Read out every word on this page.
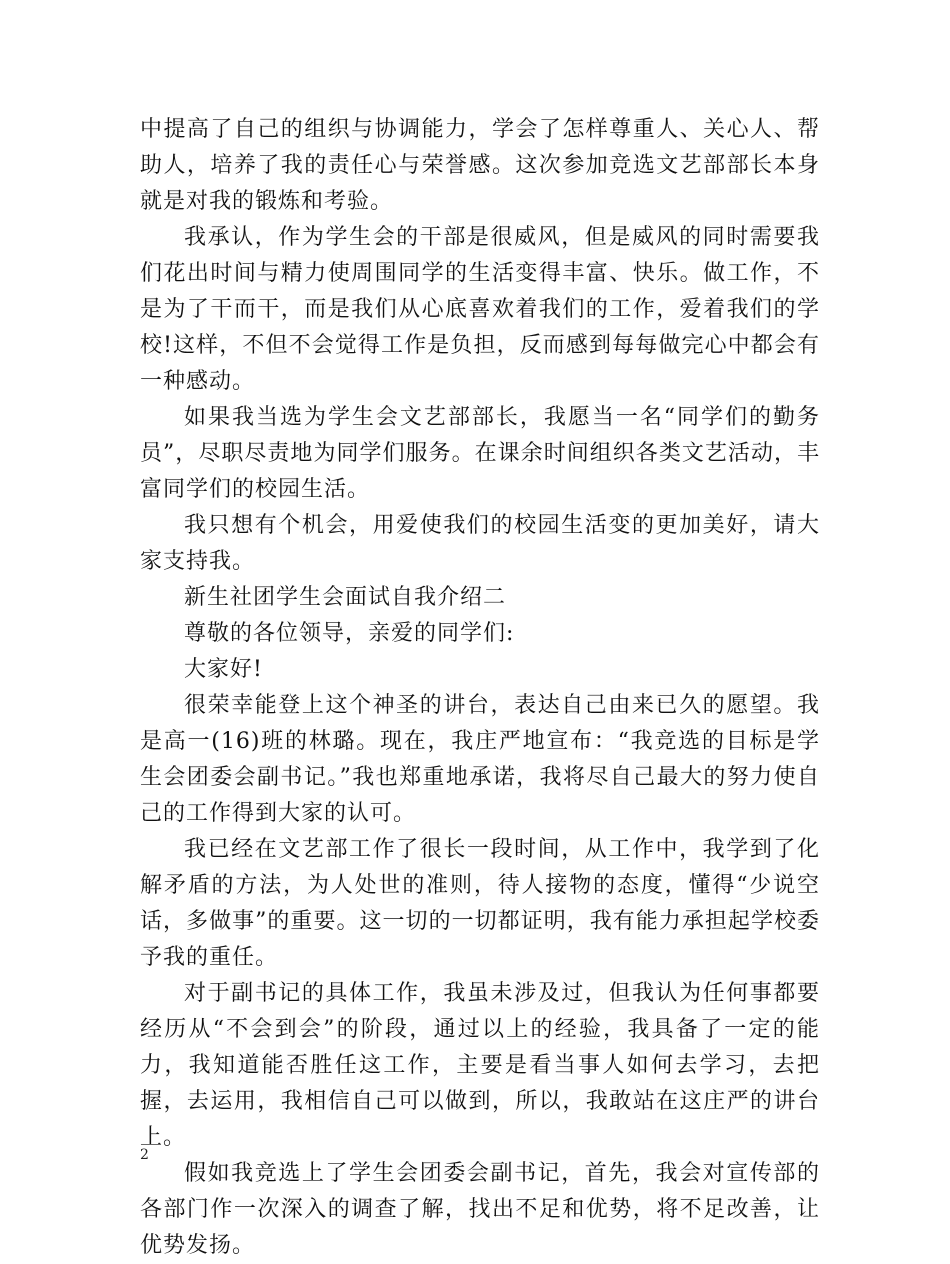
中提高了自己的组织与协调能力，学会了怎样尊重人、关心人、帮助人，培养了我的责任心与荣誉感。这次参加竞选文艺部部长本身就是对我的锻炼和考验。

我承认，作为学生会的干部是很威风，但是威风的同时需要我们花出时间与精力使周围同学的生活变得丰富、快乐。做工作，不是为了干而干，而是我们从心底喜欢着我们的工作，爱着我们的学校!这样，不但不会觉得工作是负担，反而感到每每做完心中都会有一种感动。

如果我当选为学生会文艺部部长，我愿当一名“同学们的勤务员”，尽职尽责地为同学们服务。在课余时间组织各类文艺活动，丰富同学们的校园生活。

我只想有个机会，用爱使我们的校园生活变的更加美好，请大家支持我。

新生社团学生会面试自我介绍二

尊敬的各位领导，亲爱的同学们:

大家好!

很荣幸能登上这个神圣的讲台，表达自己由来已久的愿望。我是高一(16)班的林璐。现在，我庄严地宣布：“我竞选的目标是学生会团委会副书记。”我也郑重地承诺，我将尽自己最大的努力使自己的工作得到大家的认可。

我已经在文艺部工作了很长一段时间，从工作中，我学到了化解矛盾的方法，为人处世的准则，待人接物的态度，懂得“少说空话，多做事”的重要。这一切的一切都证明，我有能力承担起学校委予我的重任。

对于副书记的具体工作，我虽未涉及过，但我认为任何事都要经历从“不会到会”的阶段，通过以上的经验，我具备了一定的能力，我知道能否胜任这工作，主要是看当事人如何去学习，去把握，去运用，我相信自己可以做到，所以，我敢站在这庄严的讲台上。

假如我竞选上了学生会团委会副书记，首先，我会对宣传部的各部门作一次深入的调查了解，找出不足和优势，将不足改善，让优势发扬。

2
